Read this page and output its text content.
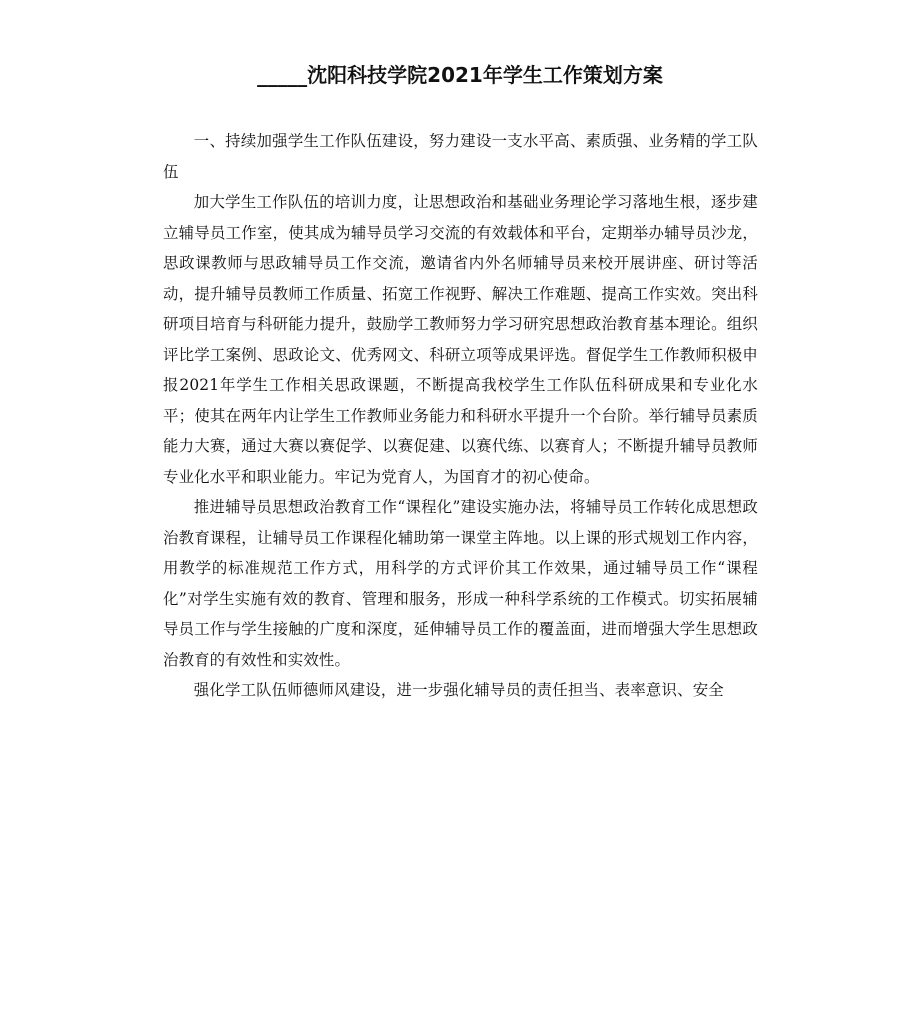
_____沈阳科技学院2021年学生工作策划方案

一、持续加强学生工作队伍建设，努力建设一支水平高、素质强、业务精的学工队伍

加大学生工作队伍的培训力度，让思想政治和基础业务理论学习落地生根，逐步建立辅导员工作室，使其成为辅导员学习交流的有效载体和平台，定期举办辅导员沙龙，思政课教师与思政辅导员工作交流，邀请省内外名师辅导员来校开展讲座、研讨等活动，提升辅导员教师工作质量、拓宽工作视野、解决工作难题、提高工作实效。突出科研项目培育与科研能力提升，鼓励学工教师努力学习研究思想政治教育基本理论。组织评比学工案例、思政论文、优秀网文、科研立项等成果评选。督促学生工作教师积极申报2021年学生工作相关思政课题，不断提高我校学生工作队伍科研成果和专业化水平；使其在两年内让学生工作教师业务能力和科研水平提升一个台阶。举行辅导员素质能力大赛，通过大赛以赛促学、以赛促建、以赛代练、以赛育人；不断提升辅导员教师专业化水平和职业能力。牢记为党育人，为国育才的初心使命。

推进辅导员思想政治教育工作“课程化”建设实施办法，将辅导员工作转化成思想政治教育课程，让辅导员工作课程化辅助第一课堂主阵地。以上课的形式规划工作内容，用教学的标准规范工作方式，用科学的方式评价其工作效果，通过辅导员工作“课程化”对学生实施有效的教育、管理和服务，形成一种科学系统的工作模式。切实拓展辅导员工作与学生接触的广度和深度，延伸辅导员工作的覆盖面，进而增强大学生思想政治教育的有效性和实效性。

强化学工队伍师德师风建设，进一步强化辅导员的责任担当、表率意识、安全
